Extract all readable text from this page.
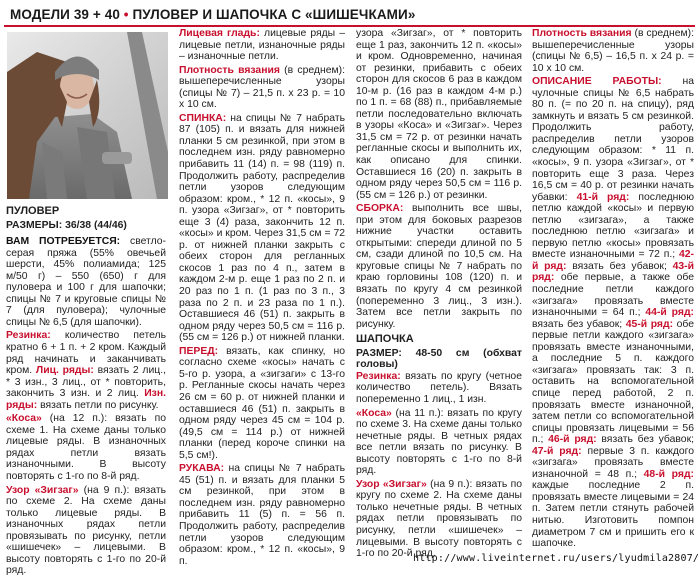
МОДЕЛИ 39 + 40 • ПУЛОВЕР И ШАПОЧКА С «ШИШЕЧКАМИ»

ПУЛОВЕР

РАЗМЕРЫ: 36/38 (44/46)

ВАМ ПОТРЕБУЕТСЯ: светло-серая пряжа (55% овечьей шерсти, 45% полиамида; 125 м/50 г) – 550 (650) г для пуловера и 100 г для шапочки; спицы № 7 и круговые спицы № 7 (для пуловера); чулочные спицы № 6,5 (для шапочки).

Резинка: количество петель кратно 6 + 1 п. + 2 кром. Каждый ряд начинать и заканчивать кром. Лиц. ряды: вязать 2 лиц., * 3 изн., 3 лиц., от * повторить, закончить 3 изн. и 2 лиц. Изн. ряды: вязать петли по рисунку.

«Коса» (на 12 п.): вязать по схеме 1. На схеме даны только лицевые ряды. В изнаночных рядах петли вязать изнаночными. В высоту повторять с 1-го по 8-й ряд.

Узор «Зигзаг» (на 9 п.): вязать по схеме 2. На схеме даны только лицевые ряды. В изнаночных рядах петли провязывать по рисунку, петли «шишечек» – лицевыми. В высоту повторять с 1-го по 20-й ряд.

Лицевая гладь: лицевые ряды – лицевые петли, изнаночные ряды – изнаночные петли.

Плотность вязания (в среднем): вышеперечисленные узоры (спицы № 7) – 21,5 п. х 23 р. = 10 х 10 см.

СПИНКА: на спицы № 7 набрать 87 (105) п. и вязать для нижней планки 5 см резинкой, при этом в последнем изн. ряду равномерно прибавить 11 (14) п. = 98 (119) п. Продолжить работу, распределив петли узоров следующим образом: кром., * 12 п. «косы», 9 п. узора «Зигзаг», от * повторить еще 3 (4) раза, закончить 12 п. «косы» и кром. Через 31,5 см = 72 р. от нижней планки закрыть с обеих сторон для регланных скосов 1 раз по 4 п., затем в каждом 2-м р. еще 1 раз по 2 п. и 20 раз по 1 п. (1 раз по 3 п., 3 раза по 2 п. и 23 раза по 1 п.). Оставшиеся 46 (51) п. закрыть в одном ряду через 50,5 см = 116 р. (55 см = 126 р.) от нижней планки.

ПЕРЕД: вязать, как спинку, но согласно схеме «косы» начать с 5-го р. узора, а «зигзаги» с 13-го р. Регланные скосы начать через 26 см = 60 р. от нижней планки и оставшиеся 46 (51) п. закрыть в одном ряду через 45 см = 104 р. (49,5 см = 114 р.) от нижней планки (перед короче спинки на 5,5 см!).

РУКАВА: на спицы № 7 набрать 45 (51) п. и вязать для планки 5 см резинкой, при этом в последнем изн. ряду равномерно прибавить 11 (5) п. = 56 п. Продолжить работу, распределив петли узоров следующим образом: кром., * 12 п. «косы», 9 п.

узора «Зигзаг», от * повторить еще 1 раз, закончить 12 п. «косы» и кром. Одновременно, начиная от резинки, прибавить с обеих сторон для скосов 6 раз в каждом 10-м р. (16 раз в каждом 4-м р.) по 1 п. = 68 (88) п., прибавляемые петли последовательно включать в узоры «Коса» и «Зигзаг». Через 31,5 см = 72 р. от резинки начать регланные скосы и выполнить их, как описано для спинки. Оставшиеся 16 (20) п. закрыть в одном ряду через 50,5 см = 116 р. (55 см = 126 р.) от резинки.

СБОРКА: выполнить все швы, при этом для боковых разрезов нижние участки оставить открытыми: спереди длиной по 5 см, сзади длиной по 10,5 см. На круговые спицы № 7 набрать по краю горловины 108 (120) п. и вязать по кругу 4 см резинкой (попеременно 3 лиц., 3 изн.). Затем все петли закрыть по рисунку.

ШАПОЧКА

РАЗМЕР: 48-50 см (обхват головы)

Резинка: вязать по кругу (четное количество петель). Вязать попеременно 1 лиц., 1 изн.

«Коса» (на 11 п.): вязать по кругу по схеме 3. На схеме даны только нечетные ряды. В четных рядах все петли вязать по рисунку. В высоту повторять с 1-го по 8-й ряд.

Узор «Зигзаг» (на 9 п.): вязать по кругу по схеме 2. На схеме даны только нечетные ряды. В четных рядах петли провязывать по рисунку, петли «шишечек» – лицевыми. В высоту повторять с 1-го по 20-й ряд.

Плотность вязания (в среднем): вышеперечисленные узоры (спицы № 6,5) – 16,5 п. х 24 р. = 10 х 10 см.

ОПИСАНИЕ РАБОТЫ: на чулочные спицы № 6,5 набрать 80 п. (= по 20 п. на спицу), ряд замкнуть и вязать 5 см резинкой. Продолжить работу, распределив петли узоров следующим образом: * 11 п. «косы», 9 п. узора «Зигзаг», от * повторить еще 3 раза. Через 16,5 см = 40 р. от резинки начать убавки: 41-й ряд: последнюю петлю каждой «косы» и первую петлю «зигзага», а также последнюю петлю «зигзага» и первую петлю «косы» провязать вместе изнаночными = 72 п.; 42-й ряд: вязать без убавок; 43-й ряд: обе первые, а также обе последние петли каждого «зигзага» провязать вместе изнаночными = 64 п.; 44-й ряд: вязать без убавок; 45-й ряд: обе первые петли каждого «зигзага» провязать вместе изнаночными, а последние 5 п. каждого «зигзага» провязать так: 3 п. оставить на вспомогательной спице перед работой, 2 п. провязать вместе изнаночной, затем петли со вспомогательной спицы провязать лицевыми = 56 п.; 46-й ряд: вязать без убавок; 47-й ряд: первые 3 п. каждого «зигзага» провязать вместе изнаночной = 48 п.; 48-й ряд: каждые последние 2 п. провязать вместе лицевыми = 24 п. Затем петли стянуть рабочей нитью. Изготовить помпон диаметром 7 см и пришить его к шапочке.

http://www.liveinternet.ru/users/lyudmila2807/
